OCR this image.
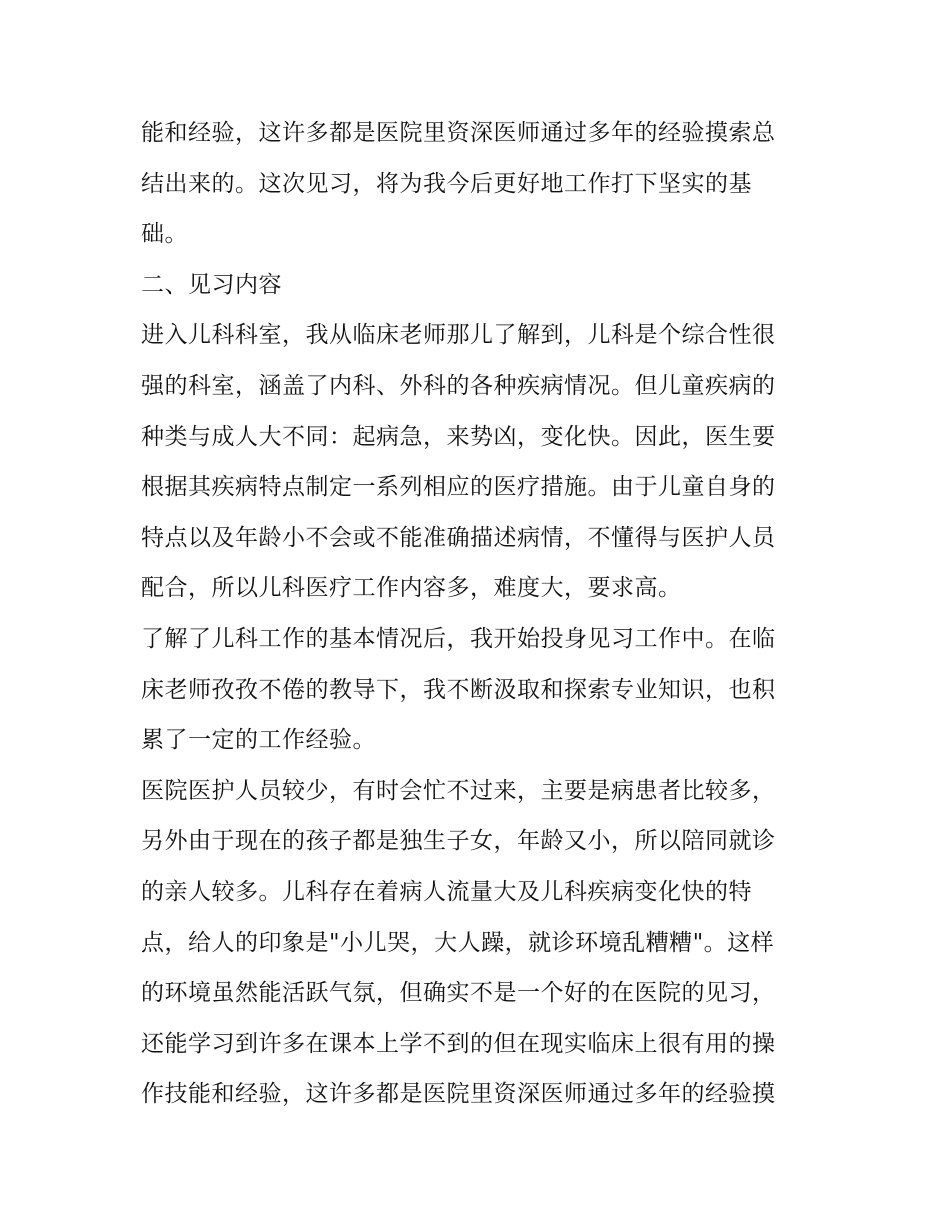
能和经验，这许多都是医院里资深医师通过多年的经验摸索总
结出来的。这次见习，将为我今后更好地工作打下坚实的基
础。
二、见习内容
进入儿科科室，我从临床老师那儿了解到，儿科是个综合性很
强的科室，涵盖了内科、外科的各种疾病情况。但儿童疾病的
种类与成人大不同：起病急，来势凶，变化快。因此，医生要
根据其疾病特点制定一系列相应的医疗措施。由于儿童自身的
特点以及年龄小不会或不能准确描述病情，不懂得与医护人员
配合，所以儿科医疗工作内容多，难度大，要求高。
了解了儿科工作的基本情况后，我开始投身见习工作中。在临
床老师孜孜不倦的教导下，我不断汲取和探索专业知识，也积
累了一定的工作经验。
医院医护人员较少，有时会忙不过来，主要是病患者比较多，
另外由于现在的孩子都是独生子女，年龄又小，所以陪同就诊
的亲人较多。儿科存在着病人流量大及儿科疾病变化快的特
点，给人的印象是"小儿哭，大人躁，就诊环境乱糟糟"。这样
的环境虽然能活跃气氛，但确实不是一个好的在医院的见习，
还能学习到许多在课本上学不到的但在现实临床上很有用的操
作技能和经验，这许多都是医院里资深医师通过多年的经验摸
